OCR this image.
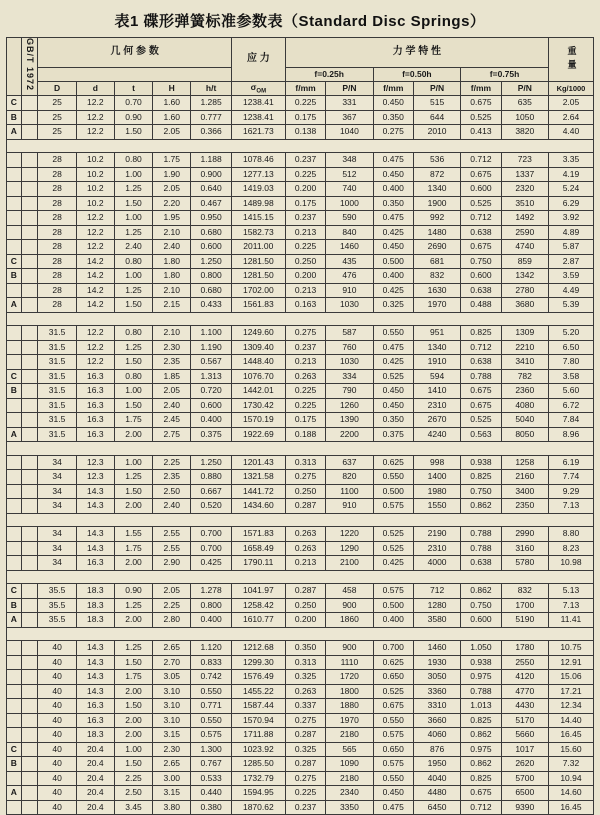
表1 碟形弹簧标准参数表（Standard Disc Springs）
	GB/T 1972	几 何 参 数					应 力	力 学 特 性						重 量
								f=0.25h		f=0.50h		f=0.75h		
		D	d	t	H	h/t	$\sigma_{OM}$	f/mm	P/N	f/mm	P/N	f/mm	P/N	Kg/1000
C		25	12.2	0.70	1.60	1.285	1238.41	0.225	331	0.450	515	0.675	635	2.05
B		25	12.2	0.90	1.60	0.777	1238.41	0.175	367	0.350	644	0.525	1050	2.64
A		25	12.2	1.50	2.05	0.366	1621.73	0.138	1040	0.275	2010	0.413	3820	4.40

		28	10.2	0.80	1.75	1.188	1078.46	0.237	348	0.475	536	0.712	723	3.35
		28	10.2	1.00	1.90	0.900	1277.13	0.225	512	0.450	872	0.675	1337	4.19
		28	10.2	1.25	2.05	0.640	1419.03	0.200	740	0.400	1340	0.600	2320	5.24
		28	10.2	1.50	2.20	0.467	1489.98	0.175	1000	0.350	1900	0.525	3510	6.29
		28	12.2	1.00	1.95	0.950	1415.15	0.237	590	0.475	992	0.712	1492	3.92
		28	12.2	1.25	2.10	0.680	1582.73	0.213	840	0.425	1480	0.638	2590	4.89
		28	12.2	2.40	2.40	0.600	2011.00	0.225	1460	0.450	2690	0.675	4740	5.87
C		28	14.2	0.80	1.80	1.250	1281.50	0.250	435	0.500	681	0.750	859	2.87
B		28	14.2	1.00	1.80	0.800	1281.50	0.200	476	0.400	832	0.600	1342	3.59
		28	14.2	1.25	2.10	0.680	1702.00	0.213	910	0.425	1630	0.638	2780	4.49
A		28	14.2	1.50	2.15	0.433	1561.83	0.163	1030	0.325	1970	0.488	3680	5.39

		31.5	12.2	0.80	2.10	1.100	1249.60	0.275	587	0.550	951	0.825	1309	5.20
		31.5	12.2	1.25	2.30	1.190	1309.40	0.237	760	0.475	1340	0.712	2210	6.50
		31.5	12.2	1.50	2.35	0.567	1448.40	0.213	1030	0.425	1910	0.638	3410	7.80
C		31.5	16.3	0.80	1.85	1.313	1076.70	0.263	334	0.525	594	0.788	782	3.58
B		31.5	16.3	1.00	2.05	0.720	1442.01	0.225	790	0.450	1410	0.675	2360	5.60
		31.5	16.3	1.50	2.40	0.600	1730.42	0.225	1260	0.450	2310	0.675	4080	6.72
		31.5	16.3	1.75	2.45	0.400	1570.19	0.175	1390	0.350	2670	0.525	5040	7.84
A		31.5	16.3	2.00	2.75	0.375	1922.69	0.188	2200	0.375	4240	0.563	8050	8.96

		34	12.3	1.00	2.25	1.250	1201.43	0.313	637	0.625	998	0.938	1258	6.19
		34	12.3	1.25	2.35	0.880	1321.58	0.275	820	0.550	1400	0.825	2160	7.74
		34	14.3	1.50	2.50	0.667	1441.72	0.250	1100	0.500	1980	0.750	3400	9.29
		34	14.3	2.00	2.40	0.520	1434.60	0.287	910	0.575	1550	0.862	2350	7.13

		34	14.3	1.55	2.55	0.700	1571.83	0.263	1220	0.525	2190	0.788	2990	8.80
		34	14.3	1.75	2.55	0.700	1658.49	0.263	1290	0.525	2310	0.788	3160	8.23
		34	16.3	2.00	2.90	0.425	1790.11	0.213	2100	0.425	4000	0.638	5780	10.98

C		35.5	18.3	0.90	2.05	1.278	1041.97	0.287	458	0.575	712	0.862	832	5.13
B		35.5	18.3	1.25	2.25	0.800	1258.42	0.250	900	0.500	1280	0.750	1700	7.13
A		35.5	18.3	2.00	2.80	0.400	1610.77	0.200	1860	0.400	3580	0.600	5190	11.41

		40	14.3	1.25	2.65	1.120	1212.68	0.350	900	0.700	1460	1.050	1780	10.75
		40	14.3	1.50	2.70	0.833	1299.30	0.313	1110	0.625	1930	0.938	2550	12.91
		40	14.3	1.75	3.05	0.742	1576.49	0.325	1720	0.650	3050	0.975	4120	15.06
		40	14.3	2.00	3.10	0.550	1455.22	0.263	1800	0.525	3360	0.788	4770	17.21
		40	16.3	1.50	3.10	0.771	1587.44	0.337	1880	0.675	3310	1.013	4430	12.34
		40	16.3	2.00	3.10	0.550	1570.94	0.275	1970	0.550	3660	0.825	5170	14.40
		40	18.3	2.00	3.15	0.575	1711.88	0.287	2180	0.575	4060	0.862	5660	16.45
C		40	20.4	1.00	2.30	1.300	1023.92	0.325	565	0.650	876	0.975	1017	15.60
B		40	20.4	1.50	2.65	0.767	1285.50	0.287	1090	0.575	1950	0.862	2620	7.32
		40	20.4	2.25	3.00	0.533	1732.79	0.275	2180	0.550	4040	0.825	5700	10.94
A		40	20.4	2.50	3.15	0.440	1594.95	0.225	2340	0.450	4480	0.675	6500	14.60
		40	20.4	3.45	3.80	0.380	1870.62	0.237	3350	0.475	6450	0.712	9390	16.45
